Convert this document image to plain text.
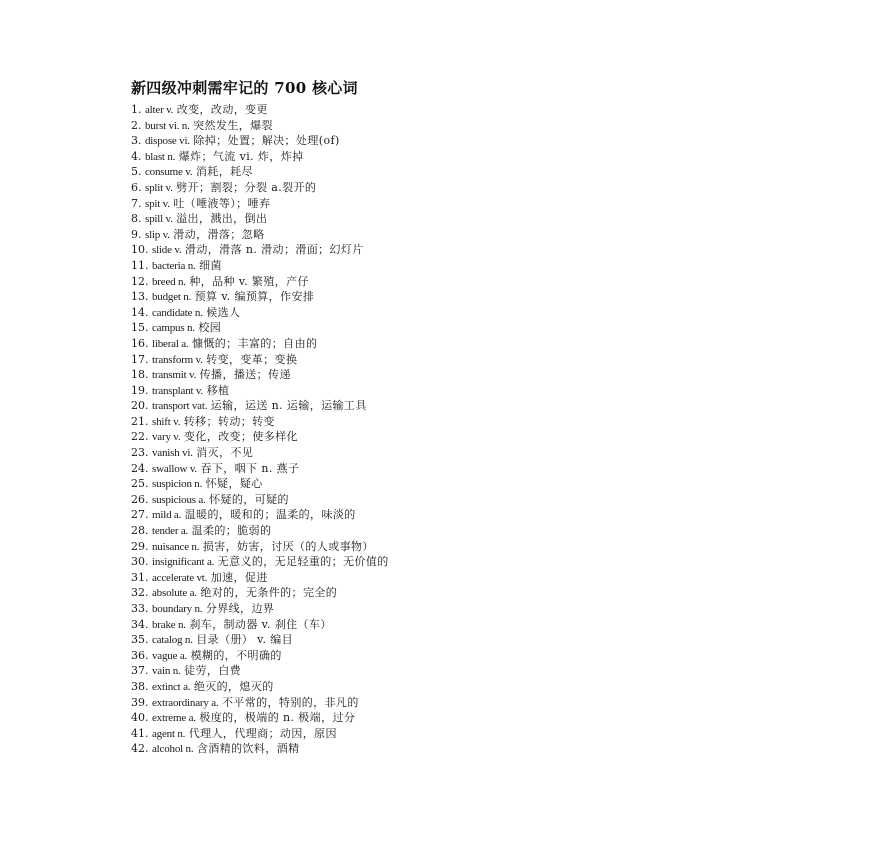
新四级冲刺需牢记的 700 核心词
1. alter v. 改变，改动，变更
2. burst vi. n. 突然发生，爆裂
3. dispose vi. 除掉；处置；解决；处理(of)
4. blast n. 爆炸；气流 vi. 炸，炸掉
5. consume v. 消耗，耗尽
6. split v. 劈开；割裂；分裂 a.裂开的
7. spit v. 吐（唾液等）；唾弃
8. spill v. 溢出，溅出，倒出
9. slip v. 滑动，滑落；忽略
10. slide v. 滑动，滑落 n. 滑动；滑面；幻灯片
11. bacteria n. 细菌
12. breed n. 种，品种 v. 繁殖，产仔
13. budget n. 预算 v. 编预算，作安排
14. candidate n. 候选人
15. campus n. 校园
16. liberal a. 慷慨的；丰富的；自由的
17. transform v. 转变，变革；变换
18. transmit v. 传播，播送；传递
19. transplant v. 移植
20. transport vat. 运输，运送 n. 运输，运输工具
21. shift v. 转移；转动；转变
22. vary v. 变化，改变；使多样化
23. vanish vi. 消灭，不见
24. swallow v. 吞下，咽下 n. 燕子
25. suspicion n. 怀疑，疑心
26. suspicious a. 怀疑的，可疑的
27. mild a. 温暖的，暖和的；温柔的，味淡的
28. tender a. 温柔的；脆弱的
29. nuisance n. 损害，妨害，讨厌（的人或事物）
30. insignificant a. 无意义的，无足轻重的；无价值的
31. accelerate vt. 加速，促进
32. absolute a. 绝对的，无条件的；完全的
33. boundary n. 分界线，边界
34. brake n. 刹车，制动器 v. 刹住（车）
35. catalog n. 目录（册） v. 编目
36. vague a. 模糊的，不明确的
37. vain n. 徒劳，白费
38. extinct a. 绝灭的，熄灭的
39. extraordinary a. 不平常的，特别的，非凡的
40. extreme a. 极度的，极端的 n. 极端，过分
41. agent n. 代理人，代理商；动因，原因
42. alcohol n. 含酒精的饮料，酒精
